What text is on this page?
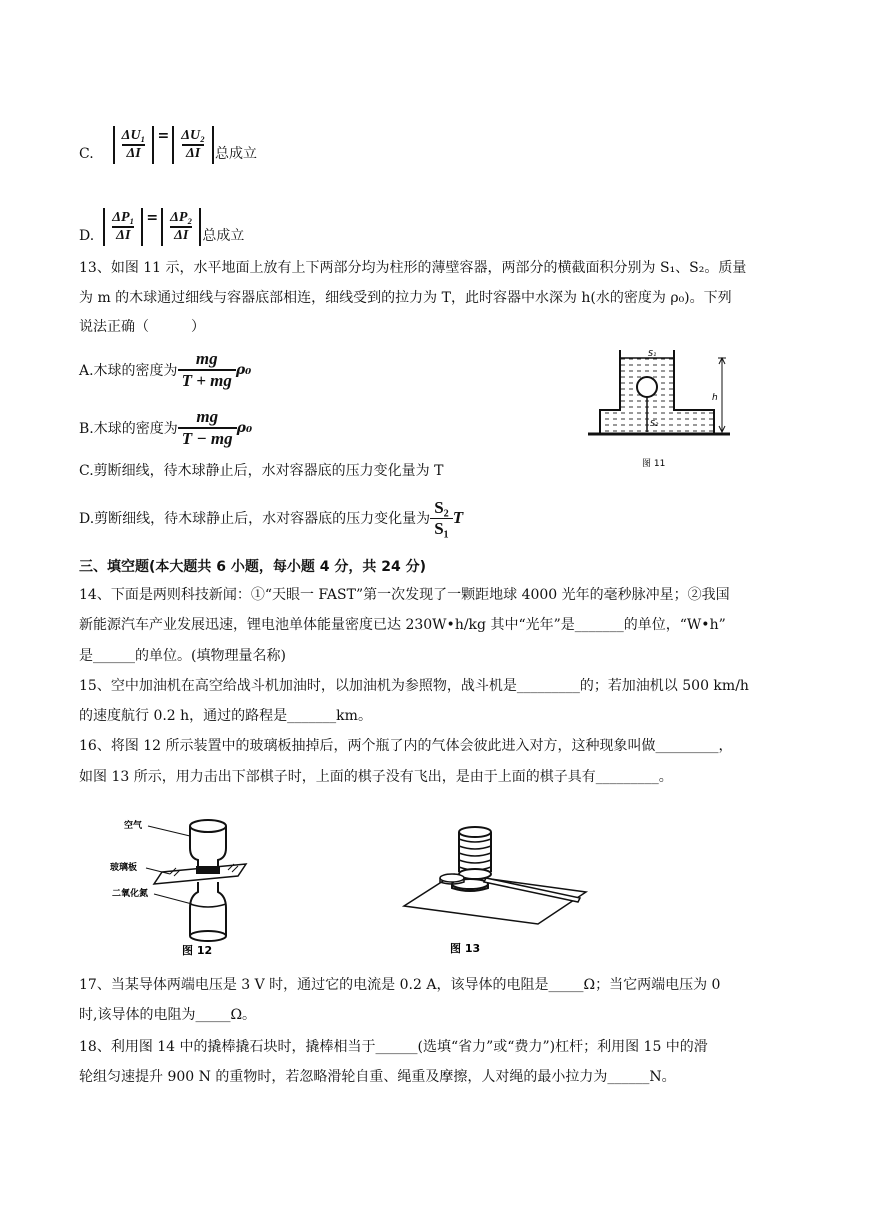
C. $\frac{\text{ΔU₁}}{\Delta I} = \frac{\text{ΔU₂}}{\Delta I}$ 总成立
D. $\frac{\text{ΔP₁}}{\Delta I} = \frac{\text{ΔP₂}}{\Delta I}$ 总成立
13、如图 11 示，水平地面上放有上下两部分均为柱形的薄壁容器，两部分的横截面积分别为 S₁、S₂。质量
为 m 的木球通过细线与容器底部相连，细线受到的拉力为 T，此时容器中水深为 h(水的密度为 ρ₀)。下列
说法正确（　　　）
A.木球的密度为 $\frac{mg}{T + mg} \rho_0$
B.木球的密度为 $\frac{mg}{T - mg} \rho_0$
C.剪断细线，待木球静止后，水对容器底的压力变化量为 T
D.剪断细线，待木球静止后，水对容器底的压力变化量为 $\frac{\text{S₂}}{\text{S₁}}$ T
h
S₁
S₂
图 11
三、填空题(本大题共 6 小题，每小题 4 分，共 24 分)
14、下面是两则科技新闻：①“天眼一 FAST”第一次发现了一颗距地球 4000 光年的毫秒脉冲星；②我国
新能源汽车产业发展迅速，锂电池单体能量密度已达 230W•h/kg 其中“光年”是_______的单位，“W•h”
是______的单位。(填物理量名称)
15、空中加油机在高空给战斗机加油时，以加油机为参照物，战斗机是_________的；若加油机以 500 km/h
的速度航行 0.2 h，通过的路程是_______km。
16、将图 12 所示装置中的玻璃板抽掉后，两个瓶了内的气体会彼此进入对方，这种现象叫做_________，
如图 13 所示，用力击出下部棋子时，上面的棋子没有飞出，是由于上面的棋子具有_________。
空气
玻璃板
二氧化氮
图 12	图 13
17、当某导体两端电压是 3 V 时，通过它的电流是 0.2 A，该导体的电阻是_____Ω；当它两端电压为 0
时,该导体的电阻为_____Ω。
18、利用图 14 中的撬棒撬石块时，撬棒相当于______(选填“省力”或“费力”)杠杆；利用图 15 中的滑
轮组匀速提升 900 N 的重物时，若忽略滑轮自重、绳重及摩擦，人对绳的最小拉力为______N。
